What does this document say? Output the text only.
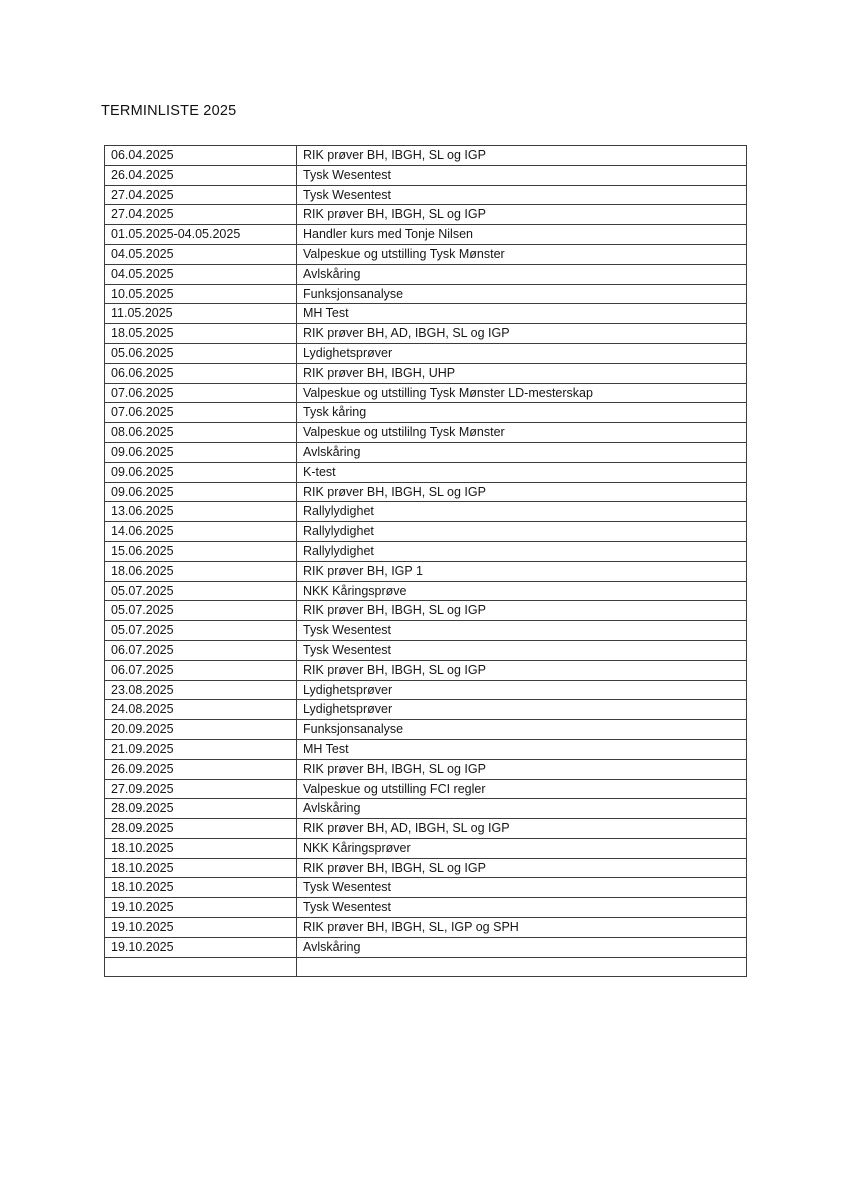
TERMINLISTE 2025
06.04.2025	RIK prøver BH, IBGH, SL og IGP
26.04.2025	Tysk Wesentest
27.04.2025	Tysk Wesentest
27.04.2025	RIK prøver BH, IBGH, SL og IGP
01.05.2025-04.05.2025	Handler kurs med Tonje Nilsen
04.05.2025	Valpeskue og utstilling Tysk Mønster
04.05.2025	Avlskåring
10.05.2025	Funksjonsanalyse
11.05.2025	MH Test
18.05.2025	RIK prøver BH, AD, IBGH, SL og IGP
05.06.2025	Lydighetsprøver
06.06.2025	RIK prøver BH, IBGH, UHP
07.06.2025	Valpeskue og utstilling Tysk Mønster LD-mesterskap
07.06.2025	Tysk kåring
08.06.2025	Valpeskue og utstililng Tysk Mønster
09.06.2025	Avlskåring
09.06.2025	K-test
09.06.2025	RIK prøver BH, IBGH, SL og IGP
13.06.2025	Rallylydighet
14.06.2025	Rallylydighet
15.06.2025	Rallylydighet
18.06.2025	RIK prøver BH, IGP 1
05.07.2025	NKK Kåringsprøve
05.07.2025	RIK prøver BH, IBGH, SL og IGP
05.07.2025	Tysk Wesentest
06.07.2025	Tysk Wesentest
06.07.2025	RIK prøver BH, IBGH, SL og IGP
23.08.2025	Lydighetsprøver
24.08.2025	Lydighetsprøver
20.09.2025	Funksjonsanalyse
21.09.2025	MH Test
26.09.2025	RIK prøver BH, IBGH, SL og IGP
27.09.2025	Valpeskue og utstilling FCI regler
28.09.2025	Avlskåring
28.09.2025	RIK prøver BH, AD, IBGH, SL og IGP
18.10.2025	NKK Kåringsprøver
18.10.2025	RIK prøver BH, IBGH, SL og IGP
18.10.2025	Tysk Wesentest
19.10.2025	Tysk Wesentest
19.10.2025	RIK prøver BH, IBGH, SL, IGP og SPH
19.10.2025	Avlskåring
